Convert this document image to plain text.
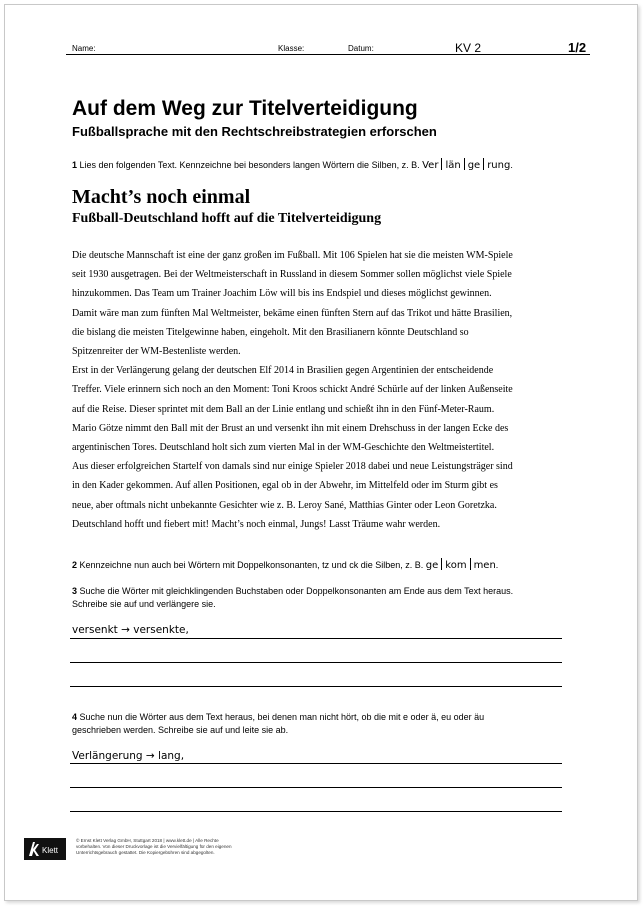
Name:	Klasse:	Datum:	KV 2	1/2
Auf dem Weg zur Titelverteidigung
Fußballsprache mit den Rechtschreibstrategien erforschen
1 Lies den folgenden Text. Kennzeichne bei besonders langen Wörtern die Silben, z. B. Ver län ge rung.
Macht’s noch einmal
Fußball-Deutschland hofft auf die Titelverteidigung
Die deutsche Mannschaft ist eine der ganz großen im Fußball. Mit 106 Spielen hat sie die meisten WM-Spiele
seit 1930 ausgetragen. Bei der Weltmeisterschaft in Russland in diesem Sommer sollen möglichst viele Spiele
hinzukommen. Das Team um Trainer Joachim Löw will bis ins Endspiel und dieses möglichst gewinnen.
Damit wäre man zum fünften Mal Weltmeister, bekäme einen fünften Stern auf das Trikot und hätte Brasilien,
die bislang die meisten Titelgewinne haben, eingeholt. Mit den Brasilianern könnte Deutschland so
Spitzenreiter der WM-Bestenliste werden.
Erst in der Verlängerung gelang der deutschen Elf 2014 in Brasilien gegen Argentinien der entscheidende
Treffer. Viele erinnern sich noch an den Moment: Toni Kroos schickt André Schürle auf der linken Außenseite
auf die Reise. Dieser sprintet mit dem Ball an der Linie entlang und schießt ihn in den Fünf-Meter-Raum.
Mario Götze nimmt den Ball mit der Brust an und versenkt ihn mit einem Drehschuss in der langen Ecke des
argentinischen Tores. Deutschland holt sich zum vierten Mal in der WM-Geschichte den Weltmeistertitel.
Aus dieser erfolgreichen Startelf von damals sind nur einige Spieler 2018 dabei und neue Leistungsträger sind
in den Kader gekommen. Auf allen Positionen, egal ob in der Abwehr, im Mittelfeld oder im Sturm gibt es
neue, aber oftmals nicht unbekannte Gesichter wie z. B. Leroy Sané, Matthias Ginter oder Leon Goretzka.
Deutschland hofft und fiebert mit! Macht’s noch einmal, Jungs! Lasst Träume wahr werden.
2 Kennzeichne nun auch bei Wörtern mit Doppelkonsonanten, tz und ck die Silben, z. B. ge kom men.
3 Suche die Wörter mit gleichklingenden Buchstaben oder Doppelkonsonanten am Ende aus dem Text heraus.
Schreibe sie auf und verlängere sie.
versenkt → versenkte,
4 Suche nun die Wörter aus dem Text heraus, bei denen man nicht hört, ob die mit e oder ä, eu oder äu
geschrieben werden. Schreibe sie auf und leite sie ab.
Verlängerung → lang,
Klett
© Ernst Klett Verlag GmbH, Stuttgart 2018 | www.klett.de | Alle Rechte
vorbehalten. Von dieser Druckvorlage ist die Vervielfältigung für den eigenen
Unterrichtsgebrauch gestattet. Die Kopiergebühren sind abgegolten.
